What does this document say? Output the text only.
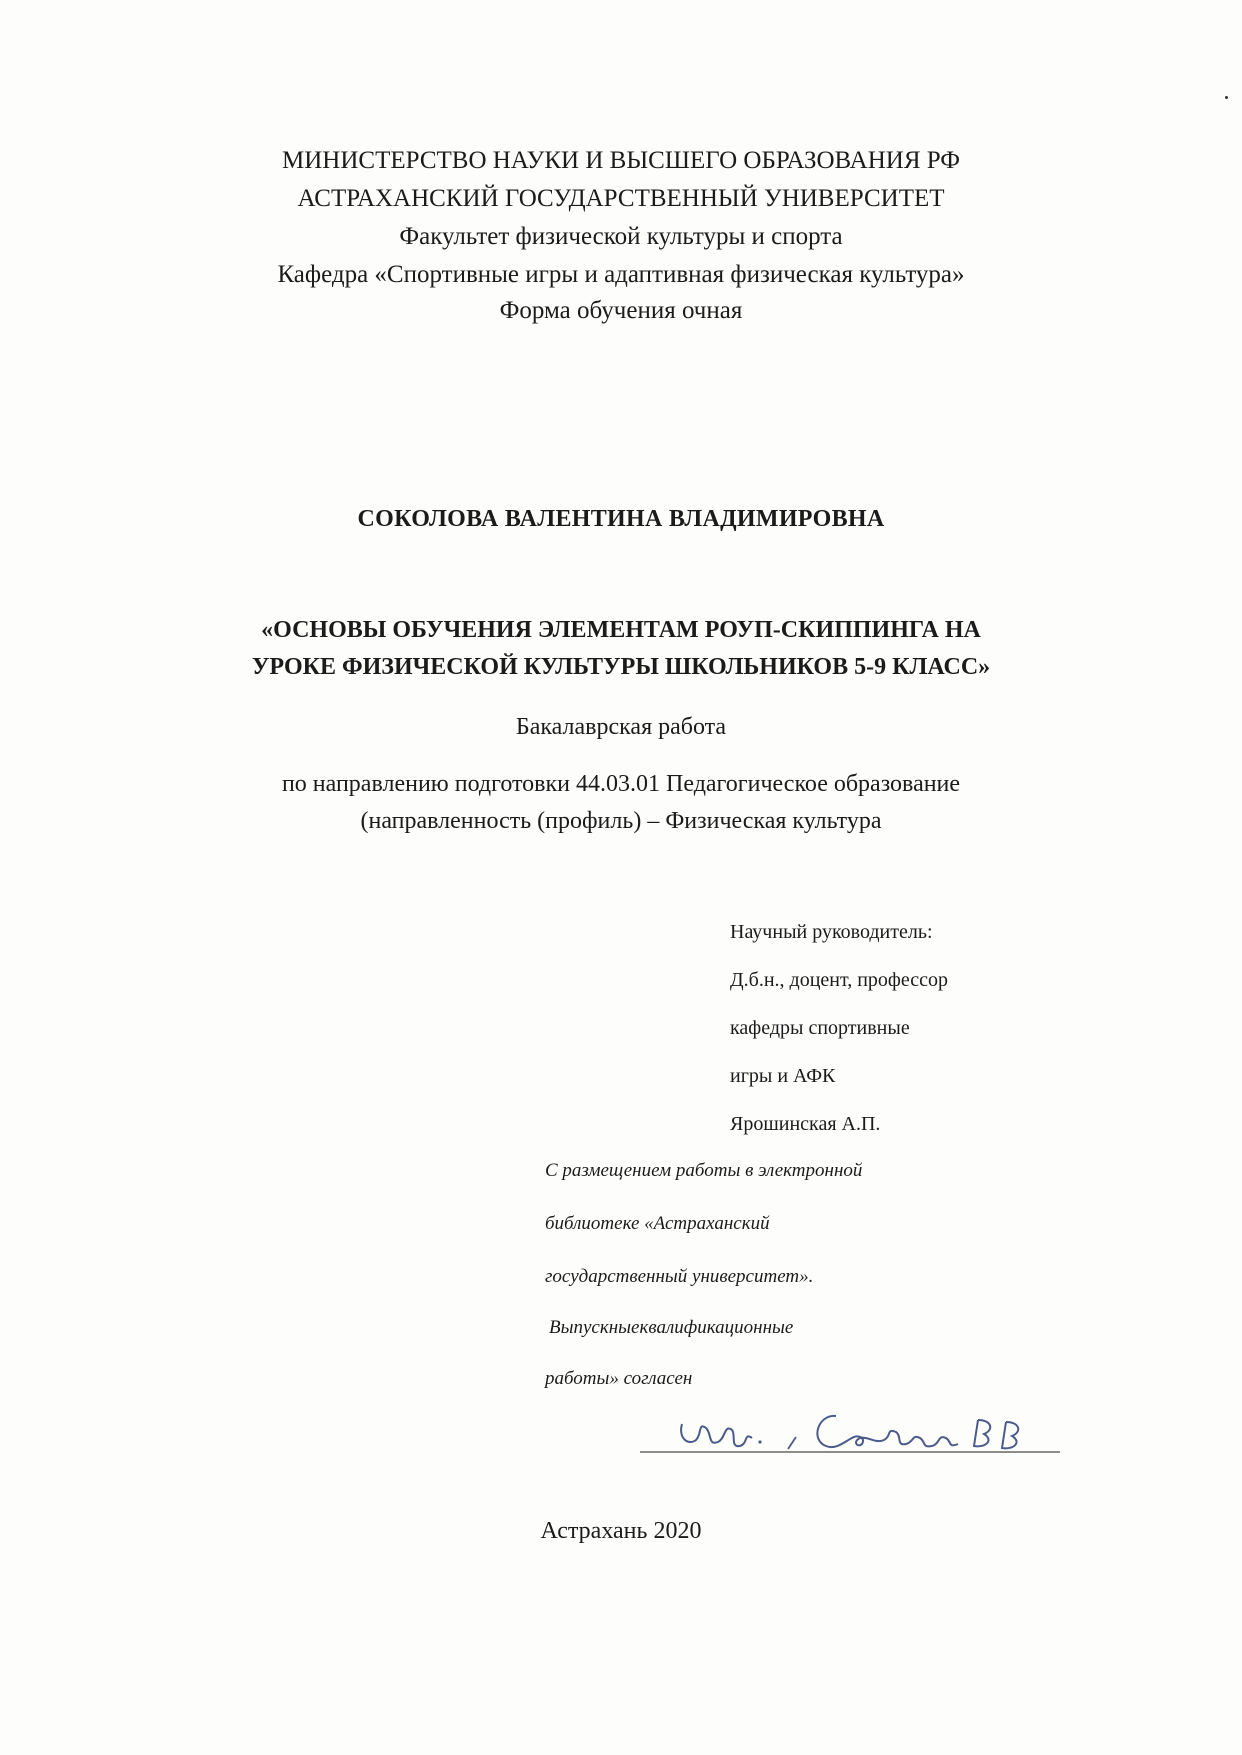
МИНИСТЕРСТВО НАУКИ И ВЫСШЕГО ОБРАЗОВАНИЯ РФ
АСТРАХАНСКИЙ ГОСУДАРСТВЕННЫЙ УНИВЕРСИТЕТ
Факультет физической культуры и спорта
Кафедра «Спортивные игры и адаптивная физическая культура»
Форма обучения очная
СОКОЛОВА ВАЛЕНТИНА ВЛАДИМИРОВНА
«ОСНОВЫ ОБУЧЕНИЯ ЭЛЕМЕНТАМ РОУП-СКИППИНГА НА
УРОКЕ ФИЗИЧЕСКОЙ КУЛЬТУРЫ ШКОЛЬНИКОВ 5-9 КЛАСС»
Бакалаврская работа
по направлению подготовки 44.03.01 Педагогическое образование
(направленность (профиль) – Физическая культура
Научный руководитель:
Д.б.н., доцент, профессор
кафедры спортивные
игры и АФК
Ярошинская А.П.
С размещением работы в электронной
библиотеке «Астраханский
государственный университет».
Выпускныеквалификационные
работы» согласен
Астрахань 2020
